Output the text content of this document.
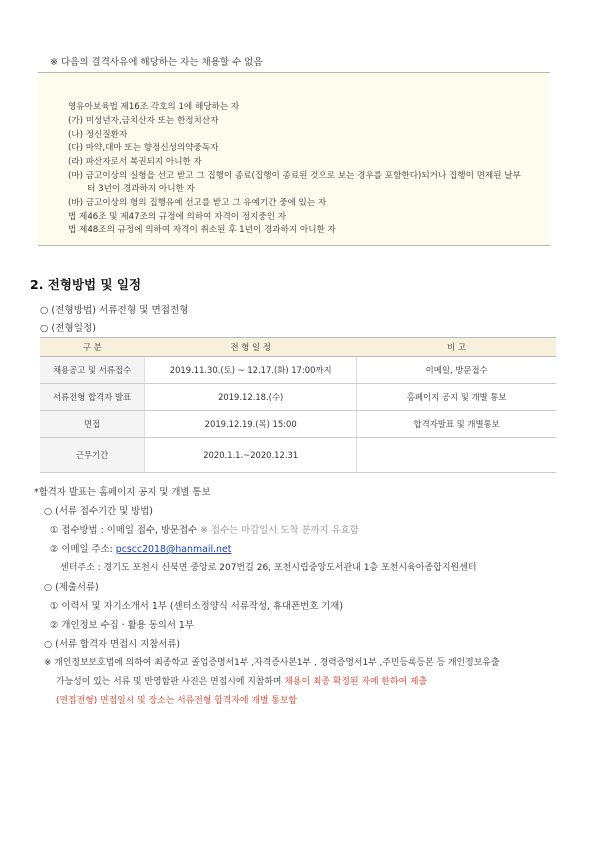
※ 다음의 결격사유에 해당하는 자는 채용할 수 없음
영유아보육법 제16조 각호의 1에 해당하는 자
(가) 미성년자,금치산자 또는 한정치산자
(나) 정신질환자
(다) 마약,대마 또는 향정신성의약중독자
(라) 파산자로서 복권되지 아니한 자
(마) 금고이상의 실형을 선고 받고 그 집행이 종료(집행이 종료된 것으로 보는 경우를 포함한다)되거나 집행이 면제된 날부
터 3년이 경과하지 아니한 자
(바) 금고이상의 형의 집행유예 선고를 받고 그 유예기간 중에 있는 자
법 제46조 및 제47조의 규정에 의하여 자격이 정지중인 자
법 제48조의 규정에 의하여 자격이 취소된 후 1년이 경과하지 아니한 자
2. 전형방법 및 일정
○ (전형방법) 서류전형 및 면접전형
○ (전형일정)
구 분	전 형 일 정	비 고
채용공고 및 서류접수	2019.11.30.(토) ~ 12.17.(화) 17:00까지	이메일, 방문접수
서류전형 합격자 발표	2019.12.18.(수)	홈페이지 공지 및 개별 통보
면접	2019.12.19.(목) 15:00	합격자발표 및 개별통보
근무기간	2020.1.1.~2020.12.31	
*합격자 발표는 홈페이지 공지 및 개별 통보
○ (서류 접수기간 및 방법)
① 접수방법 : 이메일 접수, 방문접수 ※ 접수는 마감일시 도착 분까지 유효함
② 이메일 주소: pcscc2018@hanmail.net
센터주소 : 경기도 포천시 신북면 중앙로 207번길 26, 포천시립중앙도서관내 1층 포천시육아종합지원센터
○ (제출서류)
① 이력서 및 자기소개서 1부 (센터소정양식 서류작성, 휴대폰번호 기재)
② 개인정보 수집 · 활용 동의서 1부
○ (서류 합격자 면접시 지참서류)
※ 개인정보보호법에 의하여 최종학교 졸업증명서1부 ,자격증사본1부 , 경력증명서1부 ,주민등록등본 등 개인정보유출
가능성이 있는 서류 및 반영함판 사진은 면접시에 지참하며 채용이 최종 확정된 자에 한하여 제출
(면접전형) 면접일시 및 장소는 서류전형 합격자에 개별 통보함
